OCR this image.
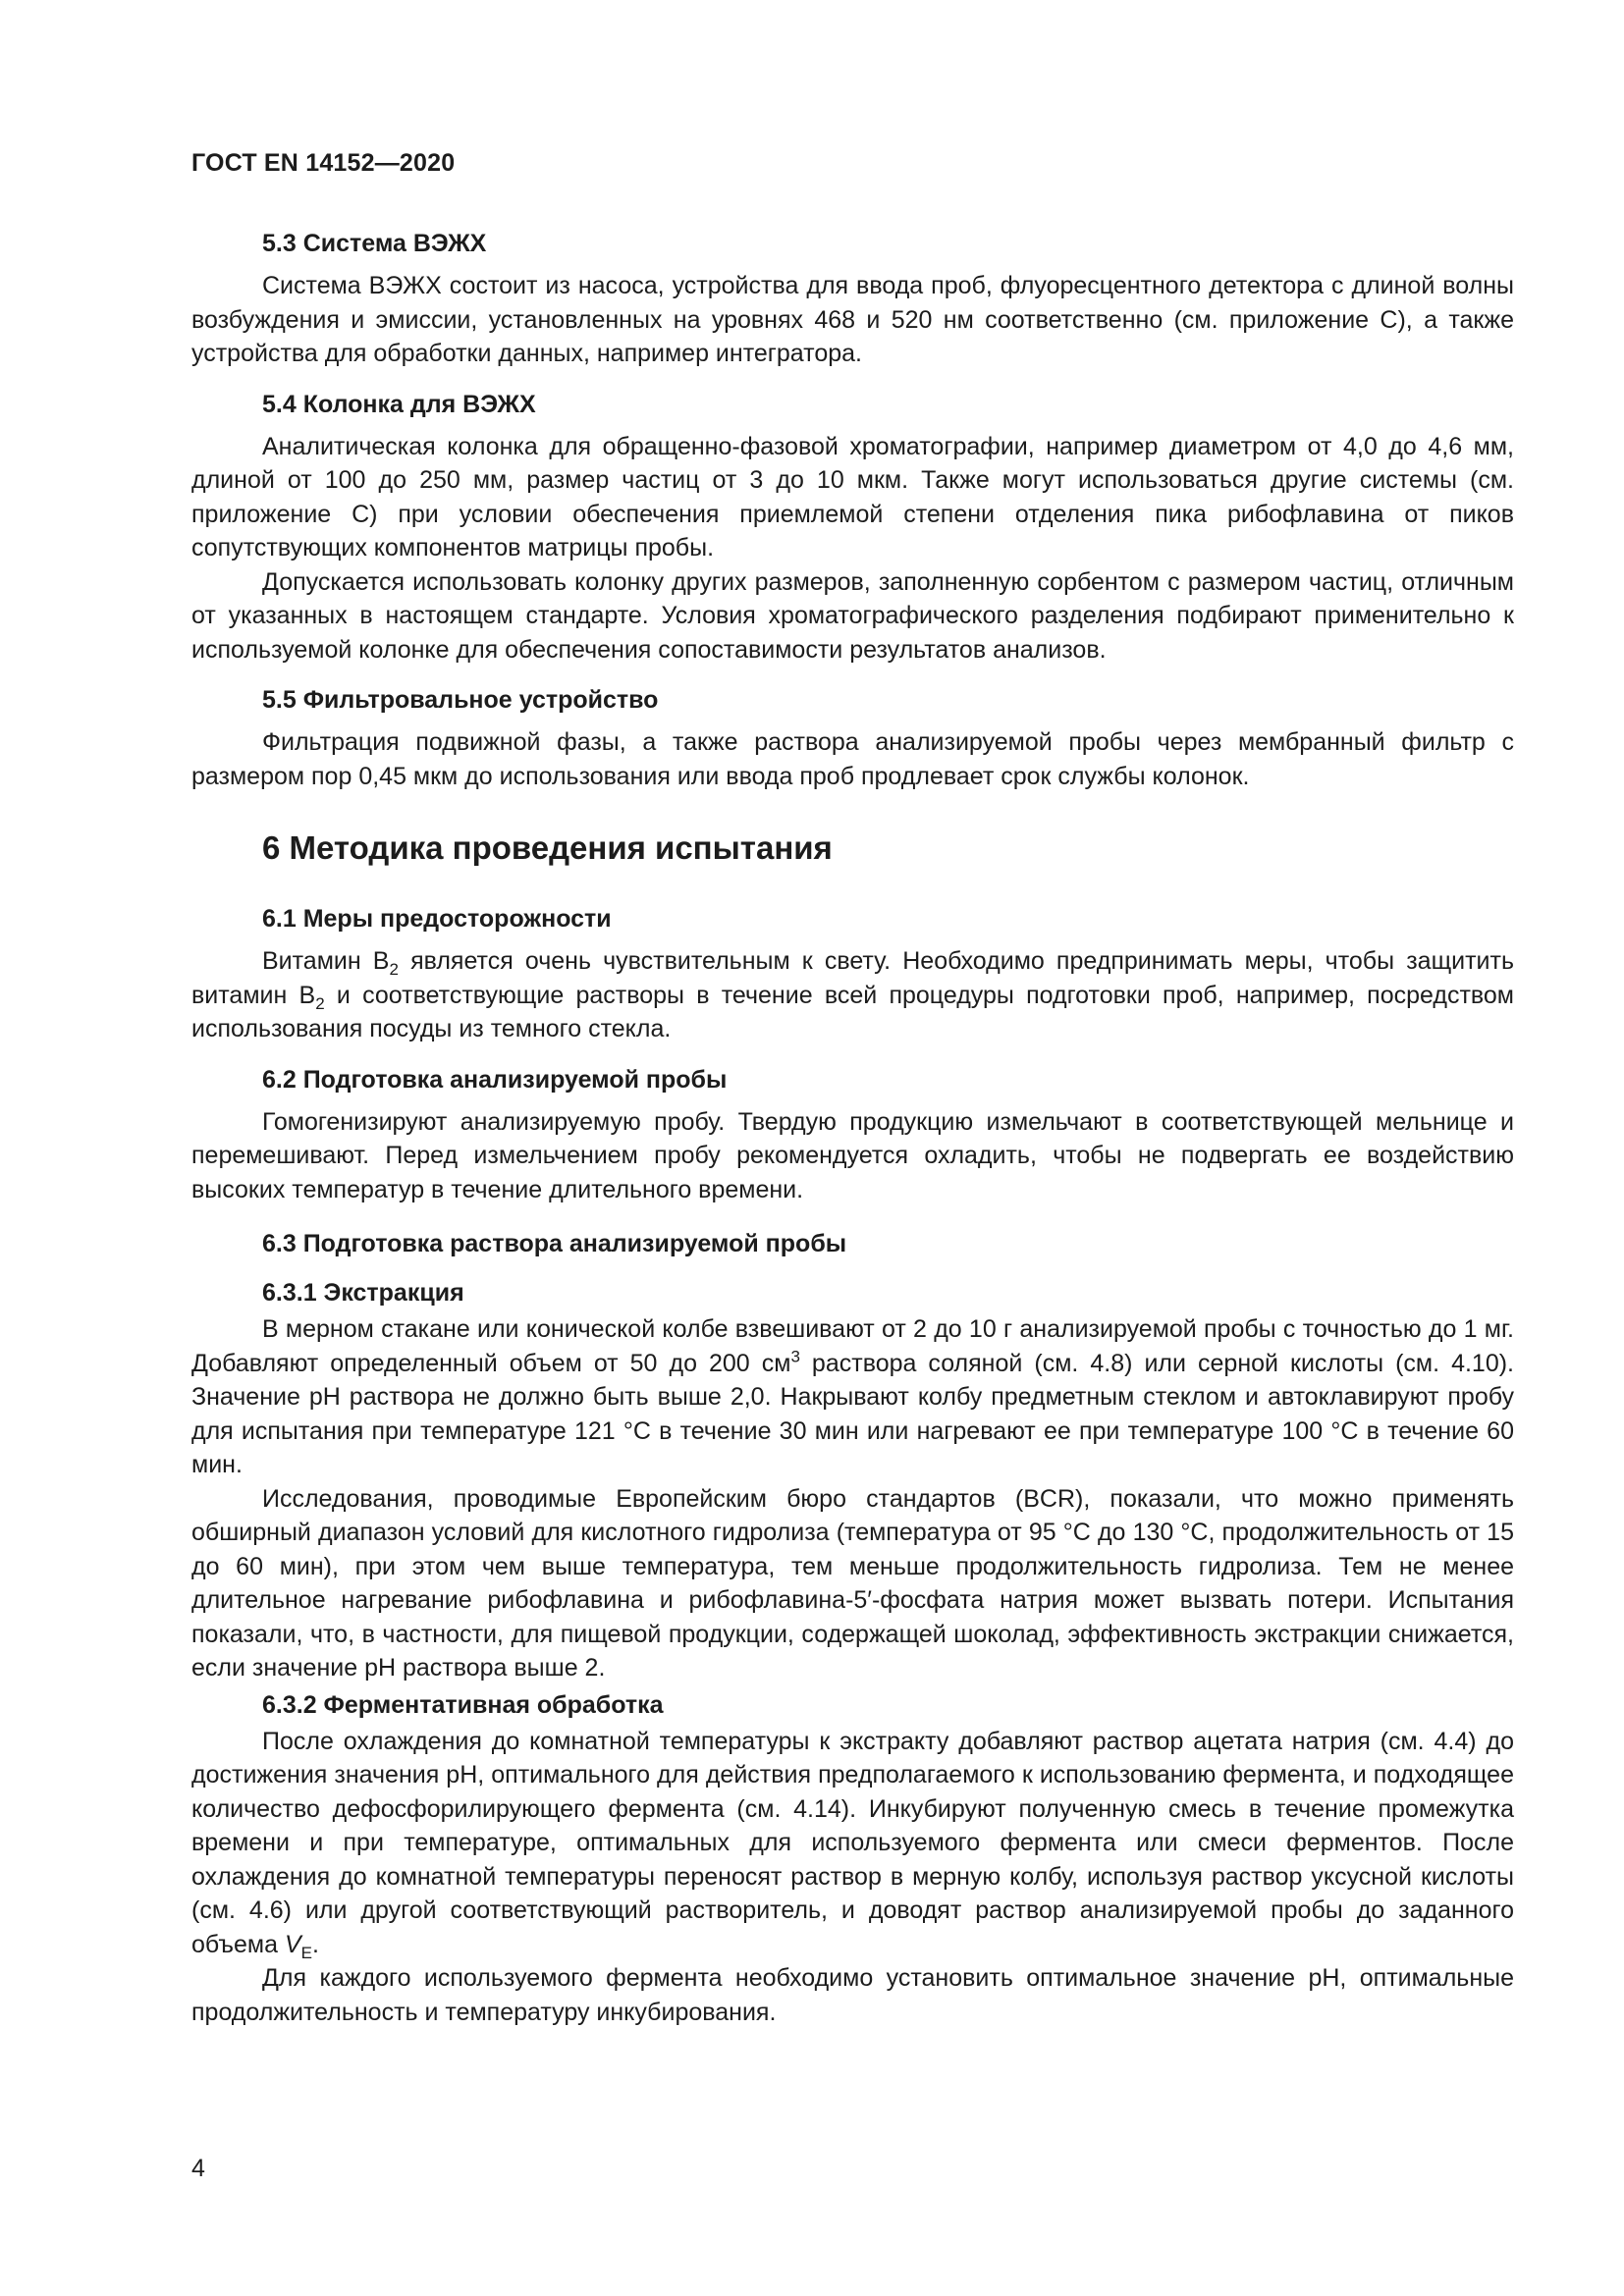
ГОСТ EN 14152—2020
5.3 Система ВЭЖХ

Система ВЭЖХ состоит из насоса, устройства для ввода проб, флуоресцентного детектора с длиной волны возбуждения и эмиссии, установленных на уровнях 468 и 520 нм соответственно (см. приложение C), а также устройства для обработки данных, например интегратора.

5.4 Колонка для ВЭЖХ

Аналитическая колонка для обращенно-фазовой хроматографии, например диаметром от 4,0 до 4,6 мм, длиной от 100 до 250 мм, размер частиц от 3 до 10 мкм. Также могут использоваться другие системы (см. приложение C) при условии обеспечения приемлемой степени отделения пика рибофлавина от пиков сопутствующих компонентов матрицы пробы.

Допускается использовать колонку других размеров, заполненную сорбентом с размером частиц, отличным от указанных в настоящем стандарте. Условия хроматографического разделения подбирают применительно к используемой колонке для обеспечения сопоставимости результатов анализов.

5.5 Фильтровальное устройство

Фильтрация подвижной фазы, а также раствора анализируемой пробы через мембранный фильтр с размером пор 0,45 мкм до использования или ввода проб продлевает срок службы колонок.

6 Методика проведения испытания
6.1 Меры предосторожности

Витамин $B_2$ является очень чувствительным к свету. Необходимо предпринимать меры, чтобы защитить витамин $B_2$ и соответствующие растворы в течение всей процедуры подготовки проб, например, посредством использования посуды из темного стекла.

6.2 Подготовка анализируемой пробы

Гомогенизируют анализируемую пробу. Твердую продукцию измельчают в соответствующей мельнице и перемешивают. Перед измельчением пробу рекомендуется охладить, чтобы не подвергать ее воздействию высоких температур в течение длительного времени.

6.3 Подготовка раствора анализируемой пробы
6.3.1 Экстракция

В мерном стакане или конической колбе взвешивают от 2 до 10 г анализируемой пробы с точностью до 1 мг. Добавляют определенный объем от 50 до 200 $см^3$ раствора соляной (см. 4.8) или серной кислоты (см. 4.10). Значение pH раствора не должно быть выше 2,0. Накрывают колбу предметным стеклом и автоклавируют пробу для испытания при температуре 121 °C в течение 30 мин или нагревают ее при температуре 100 °C в течение 60 мин.

Исследования, проводимые Европейским бюро стандартов (BCR), показали, что можно применять обширный диапазон условий для кислотного гидролиза (температура от 95 °C до 130 °C, продолжительность от 15 до 60 мин), при этом чем выше температура, тем меньше продолжительность гидролиза. Тем не менее длительное нагревание рибофлавина и рибофлавина-5′-фосфата натрия может вызвать потери. Испытания показали, что, в частности, для пищевой продукции, содержащей шоколад, эффективность экстракции снижается, если значение pH раствора выше 2.

6.3.2 Ферментативная обработка

После охлаждения до комнатной температуры к экстракту добавляют раствор ацетата натрия (см. 4.4) до достижения значения pH, оптимального для действия предполагаемого к использованию фермента, и подходящее количество дефосфорилирующего фермента (см. 4.14). Инкубируют полученную смесь в течение промежутка времени и при температуре, оптимальных для используемого фермента или смеси ферментов. После охлаждения до комнатной температуры переносят раствор в мерную колбу, используя раствор уксусной кислоты (см. 4.6) или другой соответствующий растворитель, и доводят раствор анализируемой пробы до заданного объема $V_E$.

Для каждого используемого фермента необходимо установить оптимальное значение pH, оптимальные продолжительность и температуру инкубирования.

4
